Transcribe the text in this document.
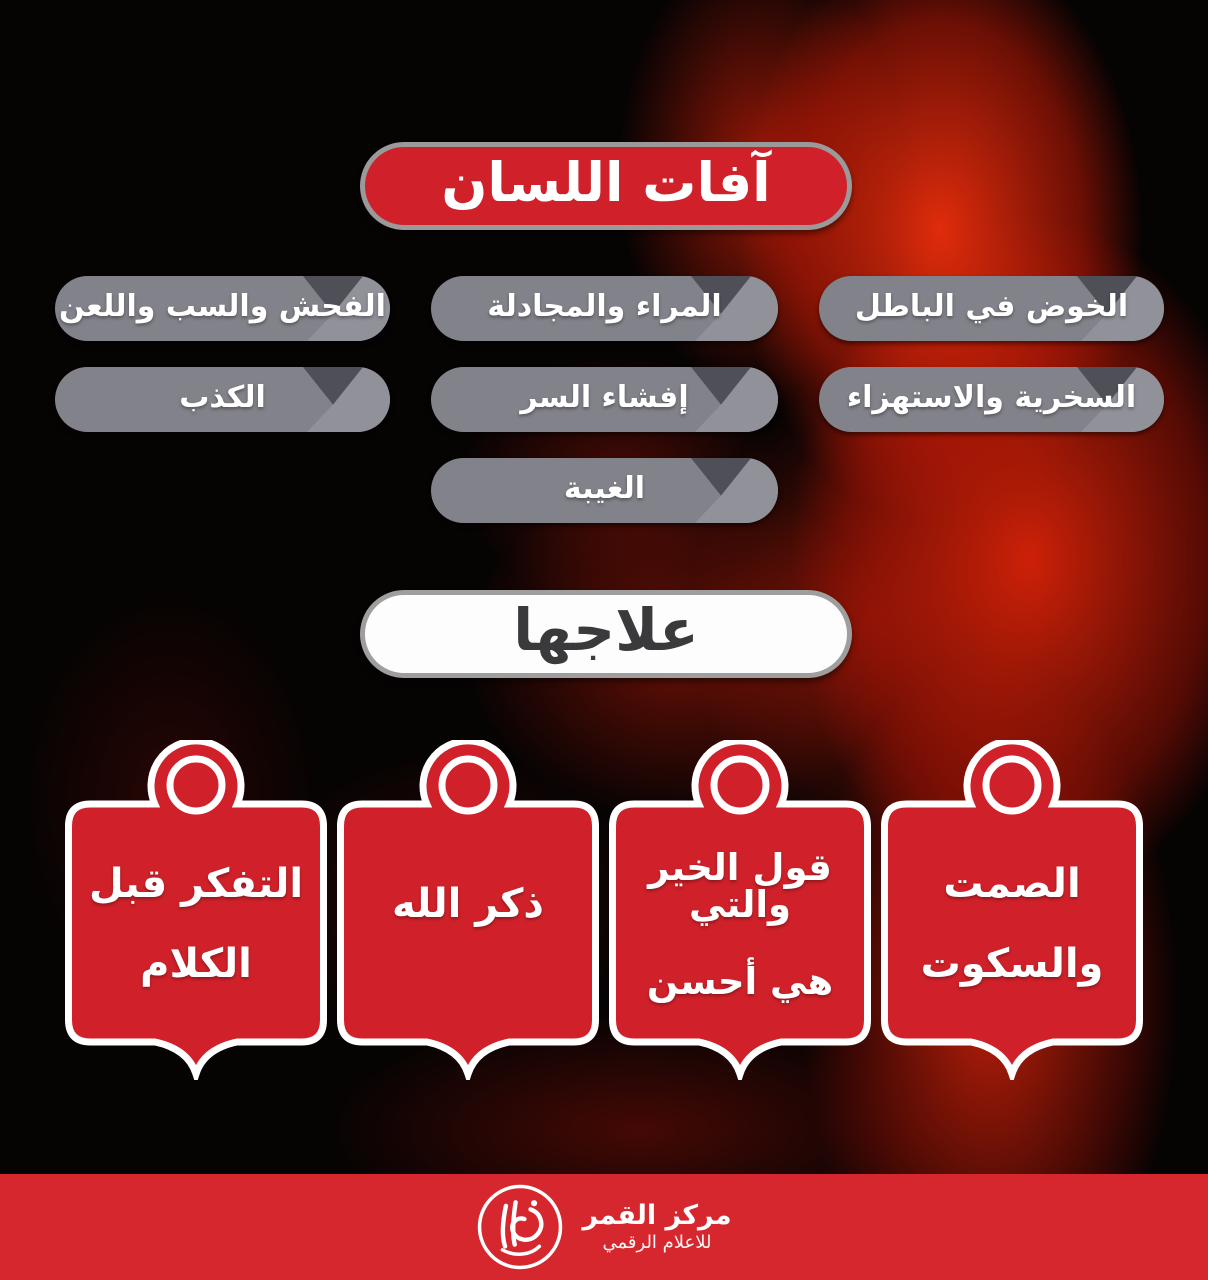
آفات اللسان
الخوض في الباطل
المراء والمجادلة
الفحش والسب واللعن
السخرية والاستهزاء
إفشاء السر
الكذب
الغيبة
علاجها
الصمت
والسكوت
قول الخير والتي
هي أحسن
ذكر الله
التفكر قبل
الكلام
مركز القمر
للاعلام الرقمي
